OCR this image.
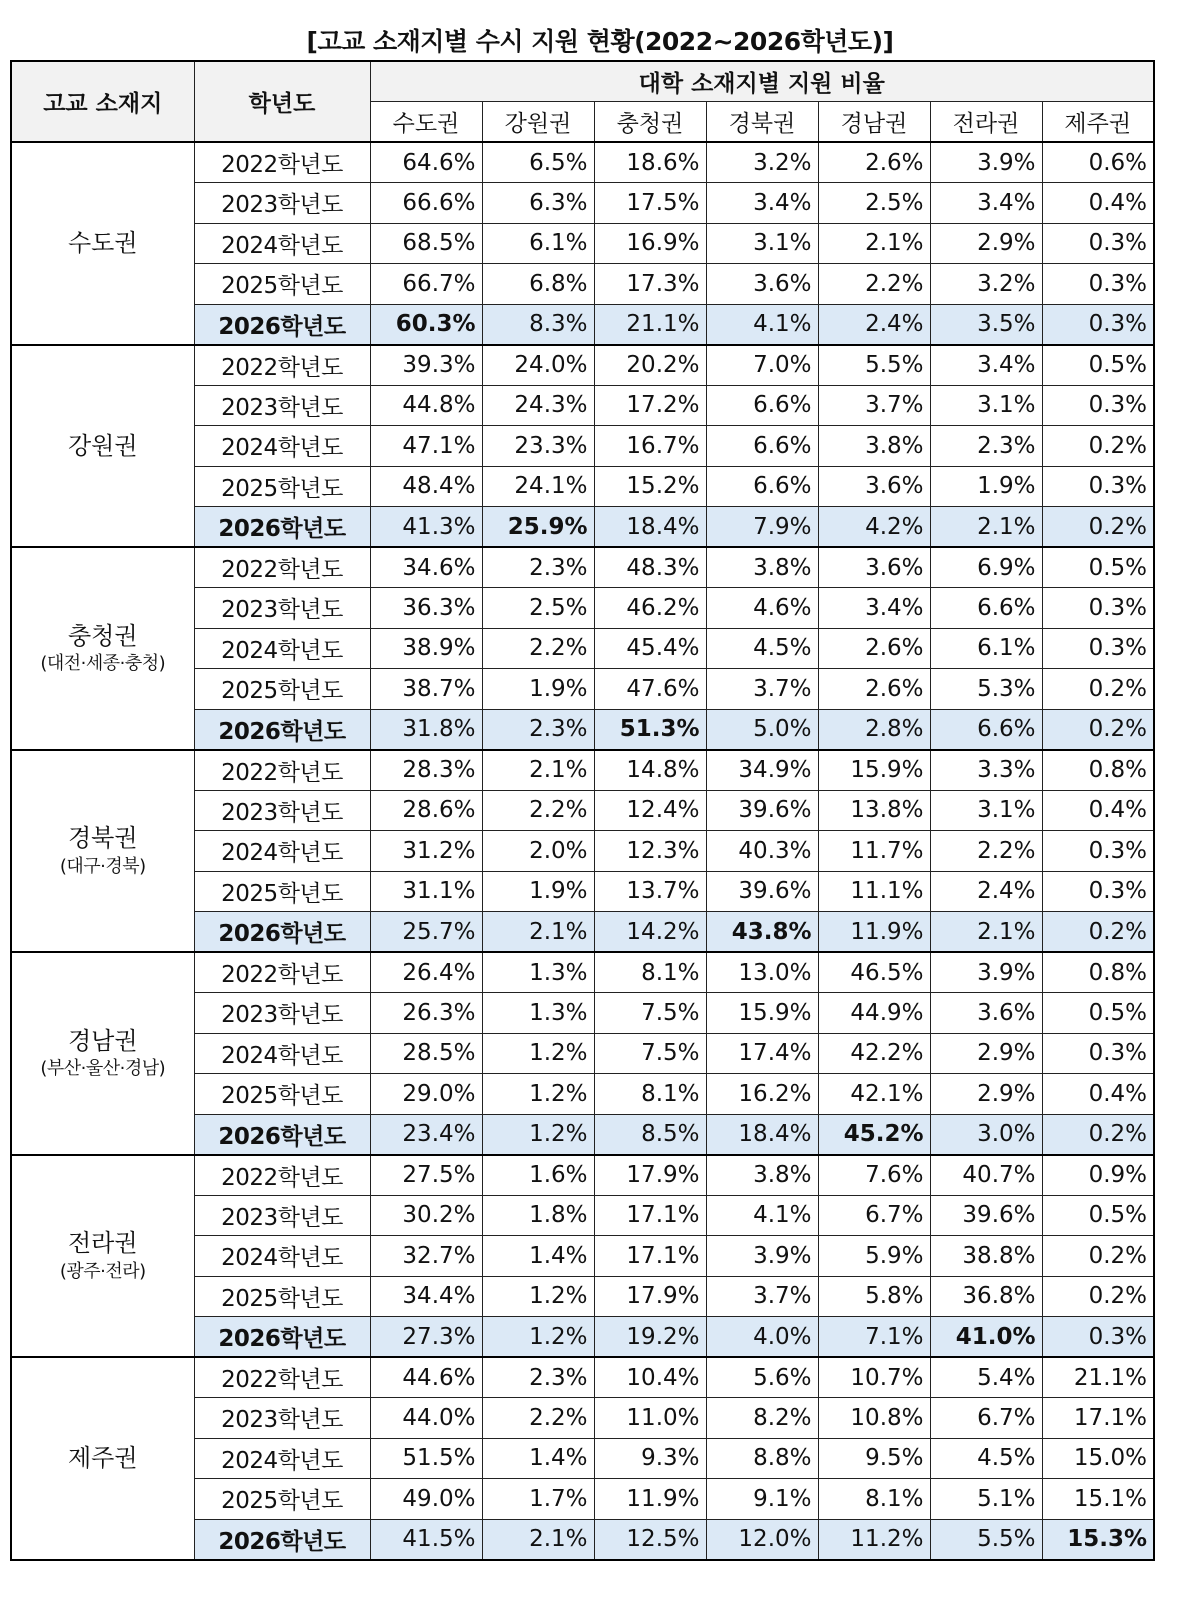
[고교 소재지별 수시 지원 현황(2022~2026학년도)]
고교 소재지	학년도	대학 소재지별 지원 비율						
		수도권	강원권	충청권	경북권	경남권	전라권	제주권

수도권	2022학년도	64.6%	6.5%	18.6%	3.2%	2.6%	3.9%	0.6%
	2023학년도	66.6%	6.3%	17.5%	3.4%	2.5%	3.4%	0.4%
	2024학년도	68.5%	6.1%	16.9%	3.1%	2.1%	2.9%	0.3%
	2025학년도	66.7%	6.8%	17.3%	3.6%	2.2%	3.2%	0.3%
	2026학년도	60.3%	8.3%	21.1%	4.1%	2.4%	3.5%	0.3%

강원권	2022학년도	39.3%	24.0%	20.2%	7.0%	5.5%	3.4%	0.5%
	2023학년도	44.8%	24.3%	17.2%	6.6%	3.7%	3.1%	0.3%
	2024학년도	47.1%	23.3%	16.7%	6.6%	3.8%	2.3%	0.2%
	2025학년도	48.4%	24.1%	15.2%	6.6%	3.6%	1.9%	0.3%
	2026학년도	41.3%	25.9%	18.4%	7.9%	4.2%	2.1%	0.2%

충청권
(대전·세종·충청)	2022학년도	34.6%	2.3%	48.3%	3.8%	3.6%	6.9%	0.5%
	2023학년도	36.3%	2.5%	46.2%	4.6%	3.4%	6.6%	0.3%
	2024학년도	38.9%	2.2%	45.4%	4.5%	2.6%	6.1%	0.3%
	2025학년도	38.7%	1.9%	47.6%	3.7%	2.6%	5.3%	0.2%
	2026학년도	31.8%	2.3%	51.3%	5.0%	2.8%	6.6%	0.2%

경북권
(대구·경북)	2022학년도	28.3%	2.1%	14.8%	34.9%	15.9%	3.3%	0.8%
	2023학년도	28.6%	2.2%	12.4%	39.6%	13.8%	3.1%	0.4%
	2024학년도	31.2%	2.0%	12.3%	40.3%	11.7%	2.2%	0.3%
	2025학년도	31.1%	1.9%	13.7%	39.6%	11.1%	2.4%	0.3%
	2026학년도	25.7%	2.1%	14.2%	43.8%	11.9%	2.1%	0.2%

경남권
(부산·울산·경남)	2022학년도	26.4%	1.3%	8.1%	13.0%	46.5%	3.9%	0.8%
	2023학년도	26.3%	1.3%	7.5%	15.9%	44.9%	3.6%	0.5%
	2024학년도	28.5%	1.2%	7.5%	17.4%	42.2%	2.9%	0.3%
	2025학년도	29.0%	1.2%	8.1%	16.2%	42.1%	2.9%	0.4%
	2026학년도	23.4%	1.2%	8.5%	18.4%	45.2%	3.0%	0.2%

전라권
(광주·전라)	2022학년도	27.5%	1.6%	17.9%	3.8%	7.6%	40.7%	0.9%
	2023학년도	30.2%	1.8%	17.1%	4.1%	6.7%	39.6%	0.5%
	2024학년도	32.7%	1.4%	17.1%	3.9%	5.9%	38.8%	0.2%
	2025학년도	34.4%	1.2%	17.9%	3.7%	5.8%	36.8%	0.2%
	2026학년도	27.3%	1.2%	19.2%	4.0%	7.1%	41.0%	0.3%

제주권	2022학년도	44.6%	2.3%	10.4%	5.6%	10.7%	5.4%	21.1%
	2023학년도	44.0%	2.2%	11.0%	8.2%	10.8%	6.7%	17.1%
	2024학년도	51.5%	1.4%	9.3%	8.8%	9.5%	4.5%	15.0%
	2025학년도	49.0%	1.7%	11.9%	9.1%	8.1%	5.1%	15.1%
	2026학년도	41.5%	2.1%	12.5%	12.0%	11.2%	5.5%	15.3%
